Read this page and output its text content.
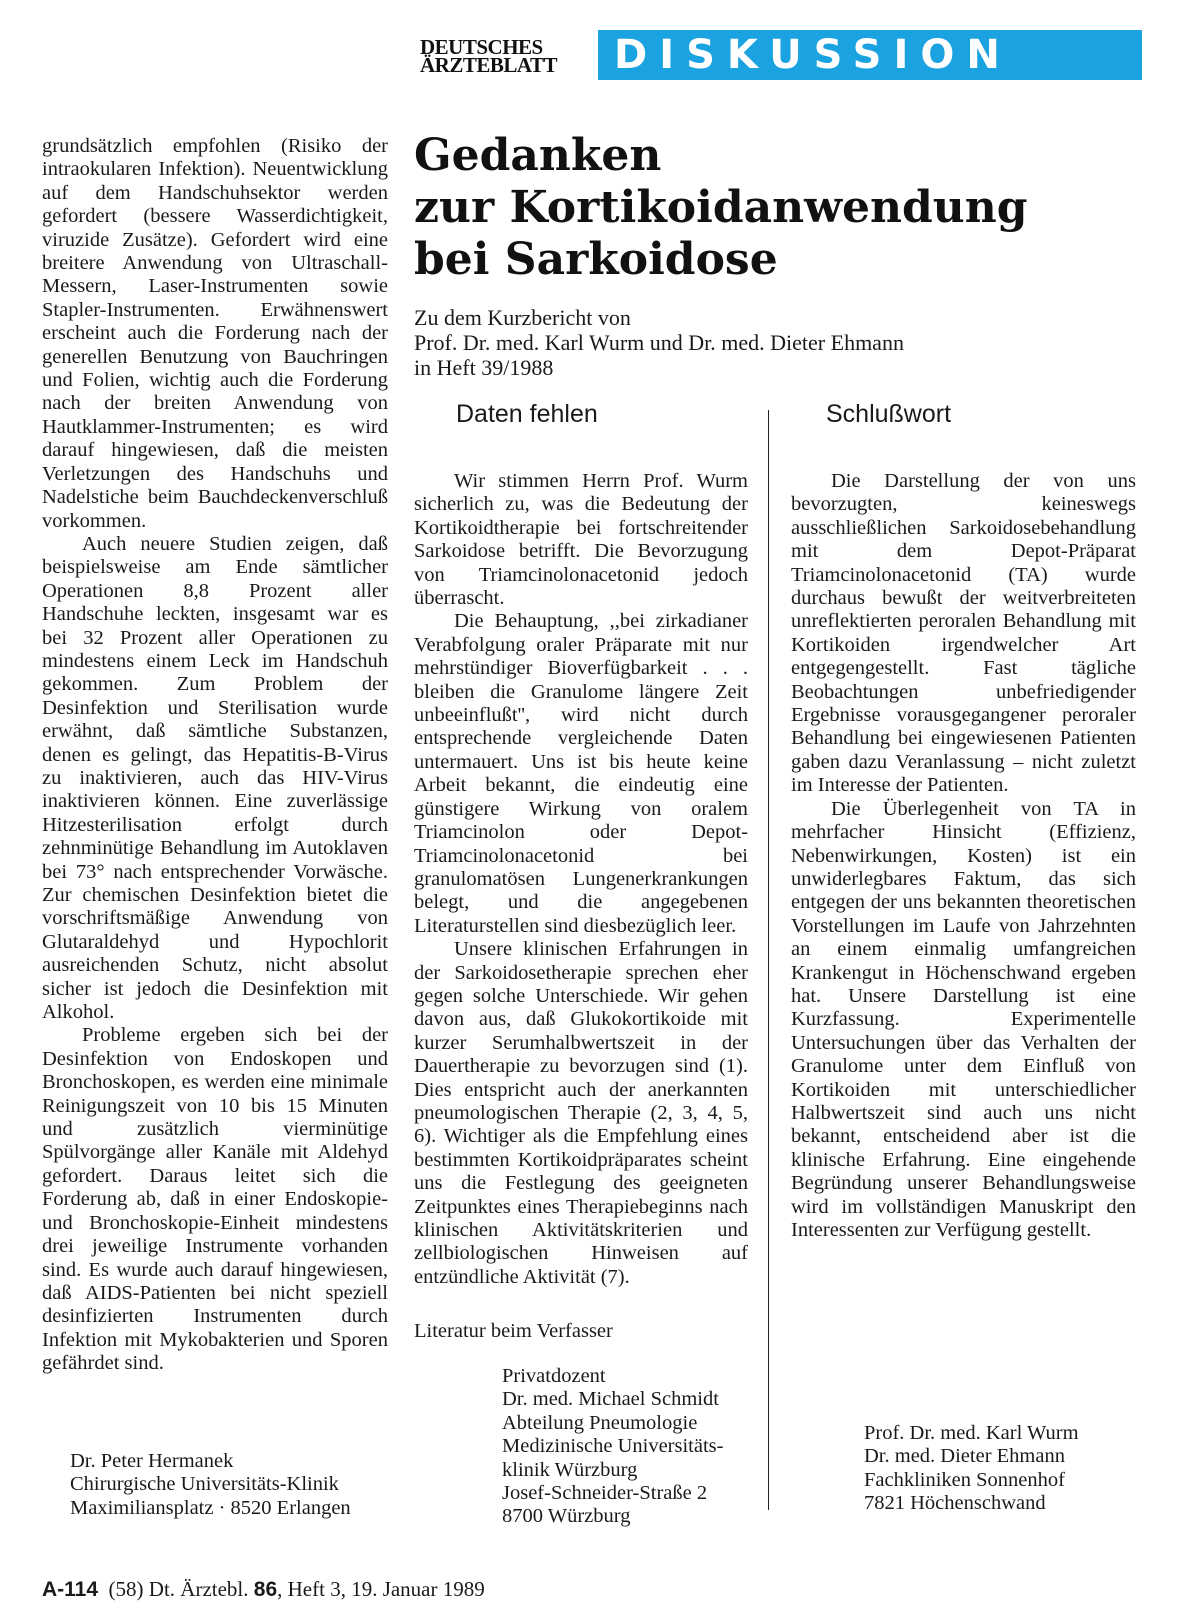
DEUTSCHES
ÄRZTEBLATT	DISKUSSION

grundsätzlich empfohlen (Risiko der intraokularen Infektion). Neuentwicklung auf dem Handschuhsektor werden gefordert (bessere Wasserdichtigkeit, viruzide Zusätze). Gefordert wird eine breitere Anwendung von Ultraschall-Messern, Laser-Instrumenten sowie Stapler-Instrumenten. Erwähnenswert erscheint auch die Forderung nach der generellen Benutzung von Bauchringen und Folien, wichtig auch die Forderung nach der breiten Anwendung von Hautklammer-Instrumenten; es wird darauf hingewiesen, daß die meisten Verletzungen des Handschuhs und Nadelstiche beim Bauchdeckenverschluß vorkommen.

Auch neuere Studien zeigen, daß beispielsweise am Ende sämtlicher Operationen 8,8 Prozent aller Handschuhe leckten, insgesamt war es bei 32 Prozent aller Operationen zu mindestens einem Leck im Handschuh gekommen. Zum Problem der Desinfektion und Sterilisation wurde erwähnt, daß sämtliche Substanzen, denen es gelingt, das Hepatitis-B-Virus zu inaktivieren, auch das HIV-Virus inaktivieren können. Eine zuverlässige Hitzesterilisation erfolgt durch zehnminütige Behandlung im Autoklaven bei 73° nach entsprechender Vorwäsche. Zur chemischen Desinfektion bietet die vorschriftsmäßige Anwendung von Glutaraldehyd und Hypochlorit ausreichenden Schutz, nicht absolut sicher ist jedoch die Desinfektion mit Alkohol.

Probleme ergeben sich bei der Desinfektion von Endoskopen und Bronchoskopen, es werden eine minimale Reinigungszeit von 10 bis 15 Minuten und zusätzlich vierminütige Spülvorgänge aller Kanäle mit Aldehyd gefordert. Daraus leitet sich die Forderung ab, daß in einer Endoskopie- und Bronchoskopie-Einheit mindestens drei jeweilige Instrumente vorhanden sind. Es wurde auch darauf hingewiesen, daß AIDS-Patienten bei nicht speziell desinfizierten Instrumenten durch Infektion mit Mykobakterien und Sporen gefährdet sind.

Dr. Peter Hermanek
Chirurgische Universitäts-Klinik
Maximiliansplatz · 8520 Erlangen
Gedanken
zur Kortikoidanwendung
bei Sarkoidose
Zu dem Kurzbericht von
Prof. Dr. med. Karl Wurm und Dr. med. Dieter Ehmann
in Heft 39/1988
Daten fehlen	Schlußwort

Wir stimmen Herrn Prof. Wurm sicherlich zu, was die Bedeutung der Kortikoidtherapie bei fortschreitender Sarkoidose betrifft. Die Bevorzugung von Triamcinolonacetonid jedoch überrascht.

Die Behauptung, ,,bei zirkadianer Verabfolgung oraler Präparate mit nur mehrstündiger Bioverfügbarkeit . . . bleiben die Granulome längere Zeit unbeeinflußt'', wird nicht durch entsprechende vergleichende Daten untermauert. Uns ist bis heute keine Arbeit bekannt, die eindeutig eine günstigere Wirkung von oralem Triamcinolon oder Depot-Triamcinolonacetonid bei granulomatösen Lungenerkrankungen belegt, und die angegebenen Literaturstellen sind diesbezüglich leer.

Unsere klinischen Erfahrungen in der Sarkoidosetherapie sprechen eher gegen solche Unterschiede. Wir gehen davon aus, daß Glukokortikoide mit kurzer Serumhalbwertszeit in der Dauertherapie zu bevorzugen sind (1). Dies entspricht auch der anerkannten pneumologischen Therapie (2, 3, 4, 5, 6). Wichtiger als die Empfehlung eines bestimmten Kortikoidpräparates scheint uns die Festlegung des geeigneten Zeitpunktes eines Therapiebeginns nach klinischen Aktivitätskriterien und zellbiologischen Hinweisen auf entzündliche Aktivität (7).

Literatur beim Verfasser
Privatdozent
Dr. med. Michael Schmidt
Abteilung Pneumologie
Medizinische Universitäts-
klinik Würzburg
Josef-Schneider-Straße 2
8700 Würzburg

Die Darstellung der von uns bevorzugten, keineswegs ausschließlichen Sarkoidosebehandlung mit dem Depot-Präparat Triamcinolonacetonid (TA) wurde durchaus bewußt der weitverbreiteten unreflektierten peroralen Behandlung mit Kortikoiden irgendwelcher Art entgegengestellt. Fast tägliche Beobachtungen unbefriedigender Ergebnisse vorausgegangener peroraler Behandlung bei eingewiesenen Patienten gaben dazu Veranlassung – nicht zuletzt im Interesse der Patienten.

Die Überlegenheit von TA in mehrfacher Hinsicht (Effizienz, Nebenwirkungen, Kosten) ist ein unwiderlegbares Faktum, das sich entgegen der uns bekannten theoretischen Vorstellungen im Laufe von Jahrzehnten an einem einmalig umfangreichen Krankengut in Höchenschwand ergeben hat. Unsere Darstellung ist eine Kurzfassung. Experimentelle Untersuchungen über das Verhalten der Granulome unter dem Einfluß von Kortikoiden mit unterschiedlicher Halbwertszeit sind auch uns nicht bekannt, entscheidend aber ist die klinische Erfahrung. Eine eingehende Begründung unserer Behandlungsweise wird im vollständigen Manuskript den Interessenten zur Verfügung gestellt.

Prof. Dr. med. Karl Wurm
Dr. med. Dieter Ehmann
Fachkliniken Sonnenhof
7821 Höchenschwand
A-114 (58) Dt. Ärztebl. 86, Heft 3, 19. Januar 1989
